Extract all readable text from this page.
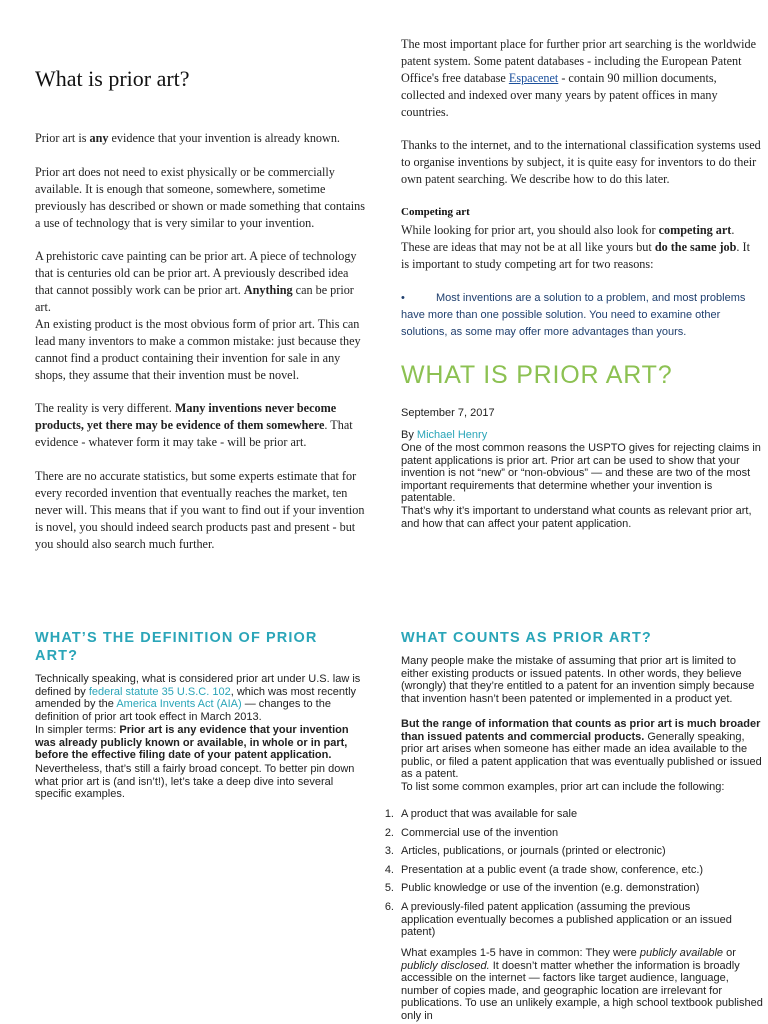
What is prior art?

Prior art is any evidence that your invention is already known.

Prior art does not need to exist physically or be commercially available. It is enough that someone, somewhere, sometime previously has described or shown or made something that contains a use of technology that is very similar to your invention.

A prehistoric cave painting can be prior art. A piece of technology that is centuries old can be prior art. A previously described idea that cannot possibly work can be prior art. Anything can be prior art.

An existing product is the most obvious form of prior art. This can lead many inventors to make a common mistake: just because they cannot find a product containing their invention for sale in any shops, they assume that their invention must be novel.

The reality is very different. Many inventions never become products, yet there may be evidence of them somewhere. That evidence - whatever form it may take - will be prior art.

There are no accurate statistics, but some experts estimate that for every recorded invention that eventually reaches the market, ten never will. This means that if you want to find out if your invention is novel, you should indeed search products past and present - but you should also search much further.

The most important place for further prior art searching is the worldwide patent system. Some patent databases - including the European Patent Office's free database Espacenet - contain 90 million documents, collected and indexed over many years by patent offices in many countries.

Thanks to the internet, and to the international classification systems used to organise inventions by subject, it is quite easy for inventors to do their own patent searching. We describe how to do this later.

Competing art

While looking for prior art, you should also look for competing art. These are ideas that may not be at all like yours but do the same job. It is important to study competing art for two reasons:

•	Most inventions are a solution to a problem, and most problems have more than one possible solution. You need to examine other solutions, as some may offer more advantages than yours.

WHAT IS PRIOR ART?

September 7, 2017

By Michael Henry

One of the most common reasons the USPTO gives for rejecting claims in patent applications is prior art. Prior art can be used to show that your invention is not “new” or “non-obvious” — and these are two of the most important requirements that determine whether your invention is patentable.

That’s why it’s important to understand what counts as relevant prior art, and how that can affect your patent application.

WHAT’S THE DEFINITION OF PRIOR ART?

Technically speaking, what is considered prior art under U.S. law is defined by federal statute 35 U.S.C. 102, which was most recently amended by the America Invents Act (AIA) — changes to the definition of prior art took effect in March 2013.

In simpler terms: Prior art is any evidence that your invention was already publicly known or available, in whole or in part, before the effective filing date of your patent application.

Nevertheless, that’s still a fairly broad concept. To better pin down what prior art is (and isn’t!), let’s take a deep dive into several specific examples.

WHAT COUNTS AS PRIOR ART?

Many people make the mistake of assuming that prior art is limited to either existing products or issued patents. In other words, they believe (wrongly) that they’re entitled to a patent for an invention simply because that invention hasn’t been patented or implemented in a product yet.

But the range of information that counts as prior art is much broader than issued patents and commercial products. Generally speaking, prior art arises when someone has either made an idea available to the public, or filed a patent application that was eventually published or issued as a patent.

To list some common examples, prior art can include the following:

1. A product that was available for sale
2. Commercial use of the invention
3. Articles, publications, or journals (printed or electronic)
4. Presentation at a public event (a trade show, conference, etc.)
5. Public knowledge or use of the invention (e.g. demonstration)
6. A previously-filed patent application (assuming the previous application eventually becomes a published application or an issued patent)

What examples 1-5 have in common: They were publicly available or publicly disclosed. It doesn’t matter whether the information is broadly accessible on the internet — factors like target audience, language, number of copies made, and geographic location are irrelevant for publications. To use an unlikely example, a high school textbook published only in
